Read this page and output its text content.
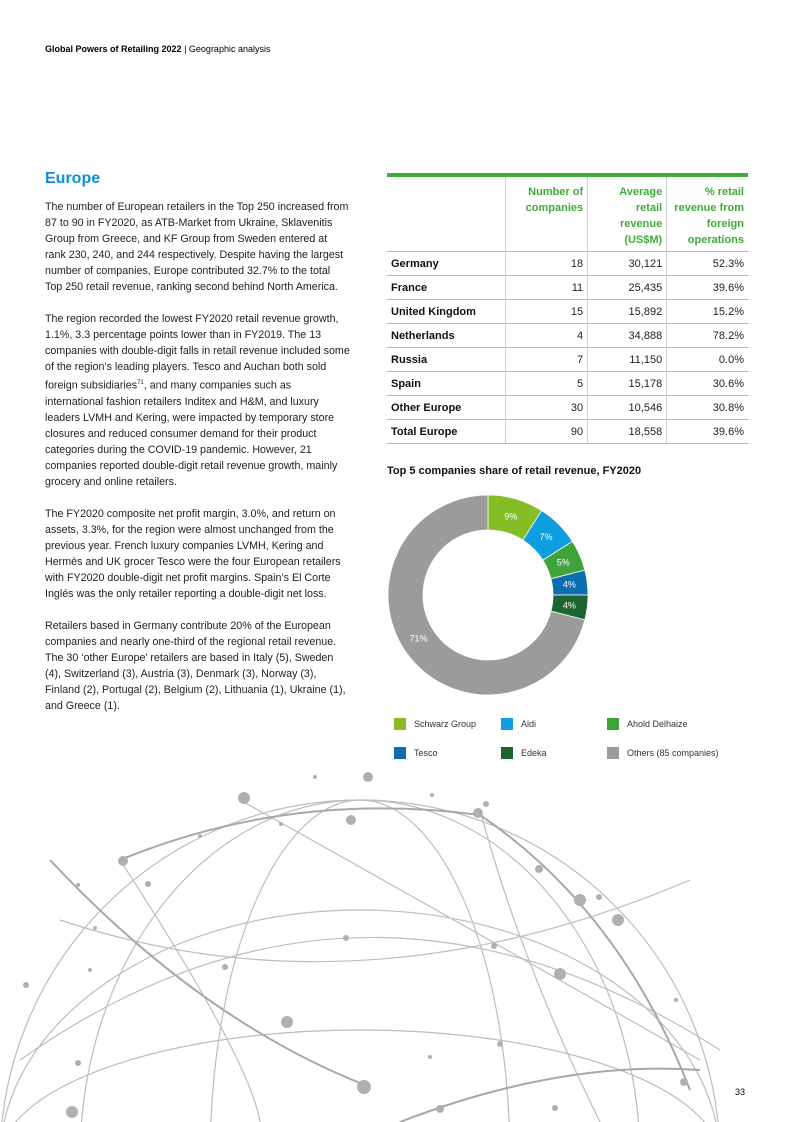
Global Powers of Retailing 2022 | Geographic analysis
Europe

The number of European retailers in the Top 250 increased from 87 to 90 in FY2020, as ATB-Market from Ukraine, Sklavenitis Group from Greece, and KF Group from Sweden entered at rank 230, 240, and 244 respectively. Despite having the largest number of companies, Europe contributed 32.7% to the total Top 250 retail revenue, ranking second behind North America.

The region recorded the lowest FY2020 retail revenue growth, 1.1%, 3.3 percentage points lower than in FY2019. The 13 companies with double-digit falls in retail revenue included some of the region’s leading players. Tesco and Auchan both sold foreign subsidiaries$^{71}$, and many companies such as international fashion retailers Inditex and H&M, and luxury leaders LVMH and Kering, were impacted by temporary store closures and reduced consumer demand for their product categories during the COVID-19 pandemic. However, 21 companies reported double-digit retail revenue growth, mainly grocery and online retailers.

The FY2020 composite net profit margin, 3.0%, and return on assets, 3.3%, for the region were almost unchanged from the previous year. French luxury companies LVMH, Kering and Hermès and UK grocer Tesco were the four European retailers with FY2020 double-digit net profit margins. Spain’s El Corte Inglés was the only retailer reporting a double-digit net loss.

Retailers based in Germany contribute 20% of the European companies and nearly one-third of the regional retail revenue. The 30 ‘other Europe’ retailers are based in Italy (5), Sweden (4), Switzerland (3), Austria (3), Denmark (3), Norway (3), Finland (2), Portugal (2), Belgium (2), Lithuania (1), Ukraine (1), and Greece (1).

	Number of companies	Average retail revenue (US$M)	% retail revenue from foreign operations
Germany	18	30,121	52.3%
France	11	25,435	39.6%
United Kingdom	15	15,892	15.2%
Netherlands	4	34,888	78.2%
Russia	7	11,150	0.0%
Spain	5	15,178	30.6%
Other Europe	30	10,546	30.8%
Total Europe	90	18,558	39.6%
Top 5 companies share of retail revenue, FY2020
9%
7%
5%
4%
4%
71%
Schwarz Group	Aldi	Ahold Delhaize
Tesco	Edeka	Others (85 companies)
33
